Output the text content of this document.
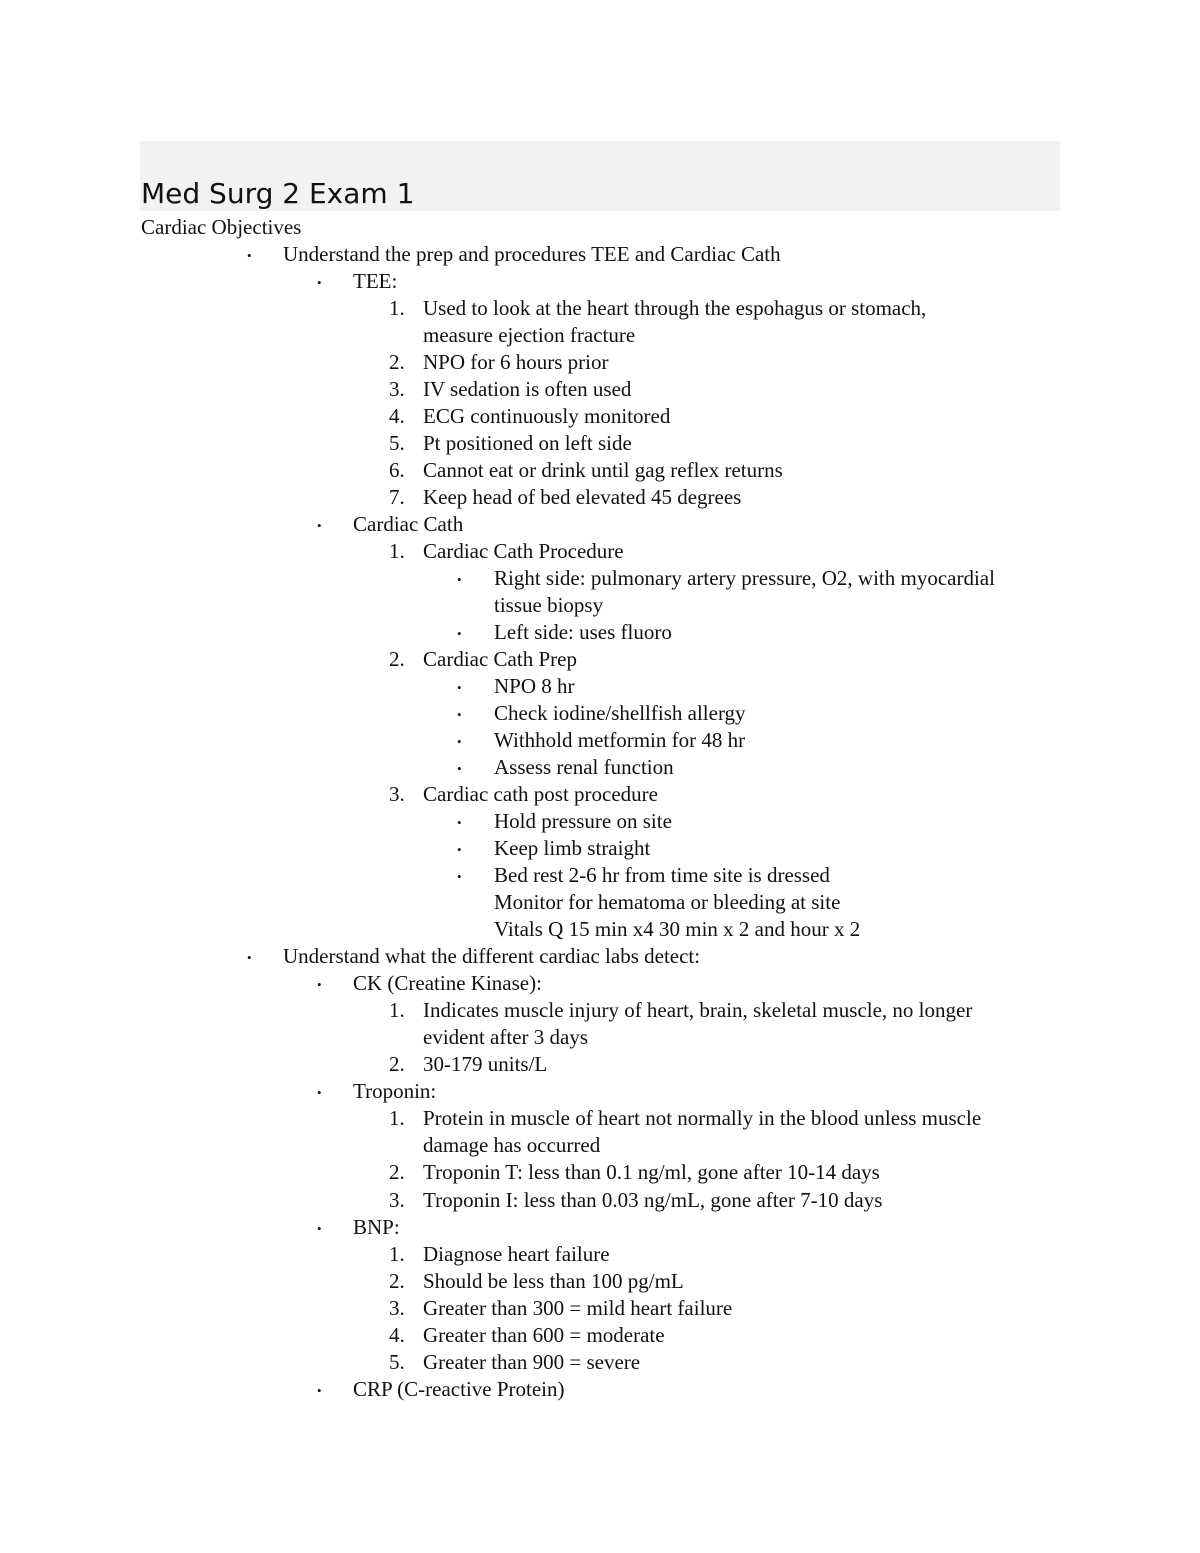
Med Surg 2 Exam 1
Cardiac Objectives
• Understand the prep and procedures TEE and Cardiac Cath
• TEE:
1. Used to look at the heart through the espohagus or stomach,
measure ejection fracture
2. NPO for 6 hours prior
3. IV sedation is often used
4. ECG continuously monitored
5. Pt positioned on left side
6. Cannot eat or drink until gag reflex returns
7. Keep head of bed elevated 45 degrees
• Cardiac Cath
1. Cardiac Cath Procedure
• Right side: pulmonary artery pressure, O2, with myocardial
tissue biopsy
• Left side: uses fluoro
2. Cardiac Cath Prep
• NPO 8 hr
• Check iodine/shellfish allergy
• Withhold metformin for 48 hr
• Assess renal function
3. Cardiac cath post procedure
• Hold pressure on site
• Keep limb straight
• Bed rest 2-6 hr from time site is dressed
Monitor for hematoma or bleeding at site
Vitals Q 15 min x4 30 min x 2 and hour x 2
• Understand what the different cardiac labs detect:
• CK (Creatine Kinase):
1. Indicates muscle injury of heart, brain, skeletal muscle, no longer
evident after 3 days
2. 30-179 units/L
• Troponin:
1. Protein in muscle of heart not normally in the blood unless muscle
damage has occurred
2. Troponin T: less than 0.1 ng/ml, gone after 10-14 days
3. Troponin I: less than 0.03 ng/mL, gone after 7-10 days
• BNP:
1. Diagnose heart failure
2. Should be less than 100 pg/mL
3. Greater than 300 = mild heart failure
4. Greater than 600 = moderate
5. Greater than 900 = severe
• CRP (C-reactive Protein)
